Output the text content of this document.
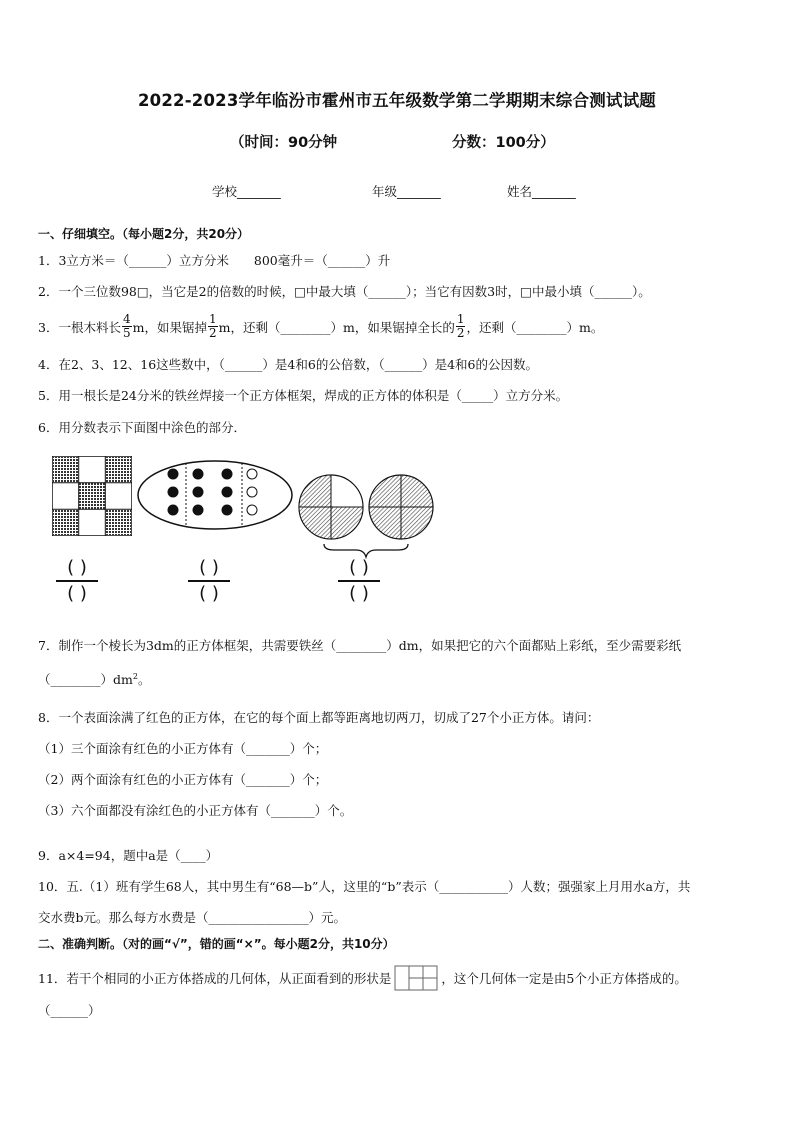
2022-2023学年临汾市霍州市五年级数学第二学期期末综合测试试题
（时间：90分钟	分数：100分）
学校_______	年级_______	姓名_______
一、仔细填空。（每小题2分，共20分）
1．3立方米＝（______）立方分米　　800毫升＝（______）升
2．一个三位数98□，当它是2的倍数的时候，□中最大填（______）；当它有因数3时，□中最小填（______）。
3．一根木料长 $\frac{4}{5}$ m，如果锯掉 $\frac{1}{2}$ m，还剩（________）m，如果锯掉全长的 $\frac{1}{2}$ ，还剩（________）m。
4．在2、3、12、16这些数中，（______）是4和6的公倍数，（______）是4和6的公因数。
5．用一根长是24分米的铁丝焊接一个正方体框架，焊成的正方体的体积是（_____）立方分米。
6．用分数表示下面图中涂色的部分．
( )
( )
( )
( )
( )
( )
7．制作一个棱长为3dm的正方体框架，共需要铁丝（________）dm，如果把它的六个面都贴上彩纸，至少需要彩纸
$(\_\_\_\_\_\_\_\_)dm^2$。
8．一个表面涂满了红色的正方体，在它的每个面上都等距离地切两刀，切成了27个小正方体。请问：
（1）三个面涂有红色的小正方体有（_______）个；
（2）两个面涂有红色的小正方体有（_______）个；
（3）六个面都没有涂红色的小正方体有（_______）个。
9．a×4=94，题中a是（____）
10．五.（1）班有学生68人，其中男生有“68—b”人，这里的“b”表示（___________）人数；强强家上月用水a方，共
交水费b元。那么每方水费是（________________）元。
二、准确判断。（对的画“√”，错的画“×”。每小题2分，共10分）
11．若干个相同的小正方体搭成的几何体，从正面看到的形状是	，这个几何体一定是由5个小正方体搭成的。
（______）
